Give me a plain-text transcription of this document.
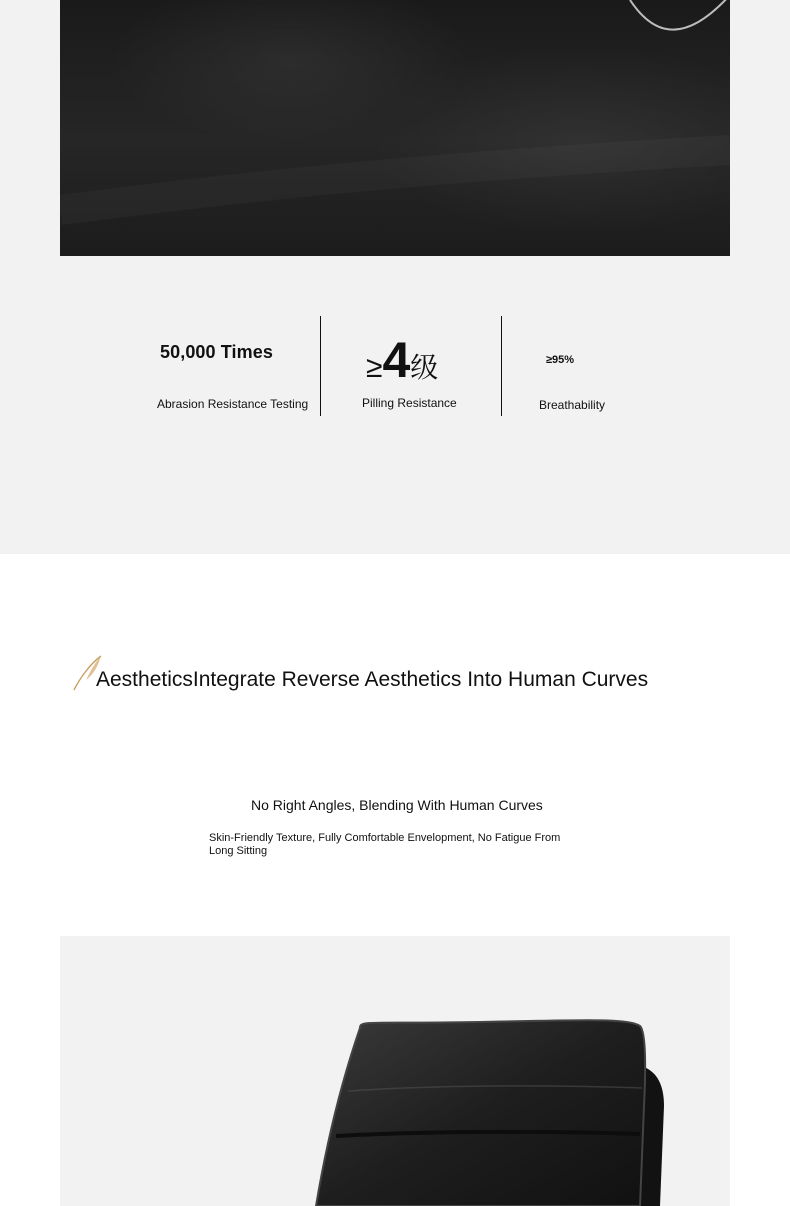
50,000 Times
Abrasion Resistance Testing
≥4级
Pilling Resistance
≥95%
Breathability
AestheticsIntegrate Reverse Aesthetics Into Human Curves
No Right Angles, Blending With Human Curves
Skin-Friendly Texture, Fully Comfortable Envelopment, No Fatigue From Long Sitting
